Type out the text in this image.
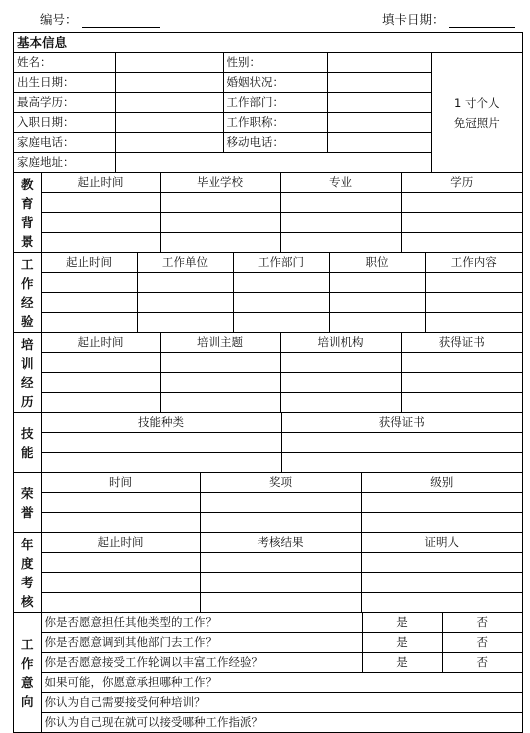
编号：	填卡日期：
基本信息				
姓名：		性别：		1 寸个人
免冠照片
出生日期：		婚姻状况：		
最高学历：		工作部门：		
入职日期：		工作职称：		
家庭电话：		移动电话：		
家庭地址：				
教
育
背
景	起止时间	毕业学校	专业	学历

工
作
经
验	起止时间	工作单位	工作部门	职位	工作内容

培
训
经
历	起止时间	培训主题	培训机构	获得证书

技
能	技能种类	获得证书

荣
誉	时间	奖项	级别

年
度
考
核	起止时间	考核结果	证明人

工
作
意
向	你是否愿意担任其他类型的工作？	是	否
	你是否愿意调到其他部门去工作？	是	否
	你是否愿意接受工作轮调以丰富工作经验？	是	否
	如果可能，你愿意承担哪种工作？		
	你认为自己需要接受何种培训？		
	你认为自己现在就可以接受哪种工作指派？		
